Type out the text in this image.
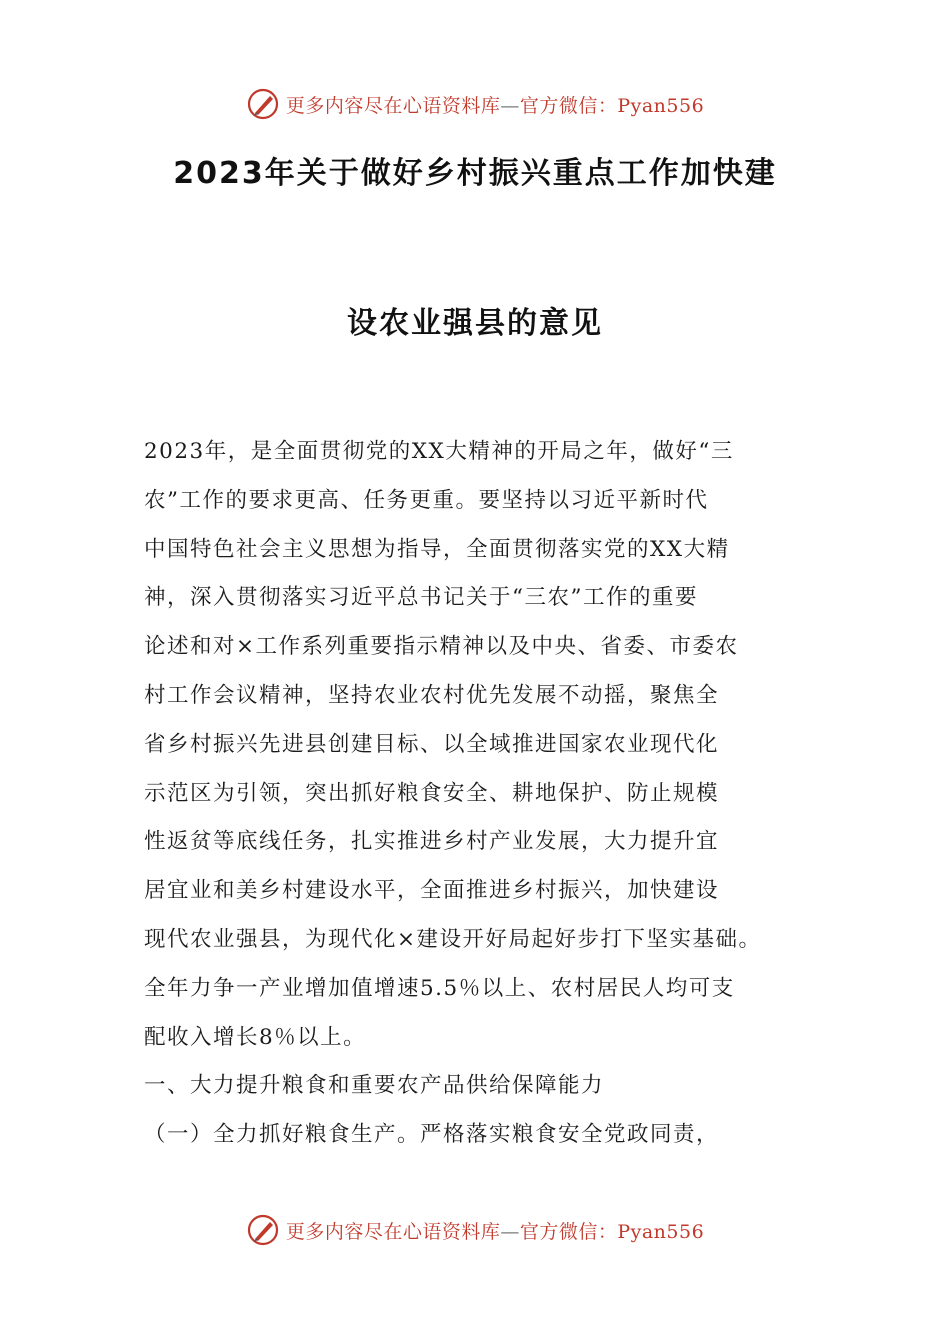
更多内容尽在心语资料库—官方微信：Pyan556
2023年关于做好乡村振兴重点工作加快建
设农业强县的意见
2023年，是全面贯彻党的XX大精神的开局之年，做好“三
农”工作的要求更高、任务更重。要坚持以习近平新时代
中国特色社会主义思想为指导，全面贯彻落实党的XX大精
神，深入贯彻落实习近平总书记关于“三农”工作的重要
论述和对×工作系列重要指示精神以及中央、省委、市委农
村工作会议精神，坚持农业农村优先发展不动摇，聚焦全
省乡村振兴先进县创建目标、以全域推进国家农业现代化
示范区为引领，突出抓好粮食安全、耕地保护、防止规模
性返贫等底线任务，扎实推进乡村产业发展，大力提升宜
居宜业和美乡村建设水平，全面推进乡村振兴，加快建设
现代农业强县，为现代化×建设开好局起好步打下坚实基础。
全年力争一产业增加值增速5.5％以上、农村居民人均可支
配收入增长8％以上。
一、大力提升粮食和重要农产品供给保障能力
（一）全力抓好粮食生产。严格落实粮食安全党政同责，
更多内容尽在心语资料库—官方微信：Pyan556
